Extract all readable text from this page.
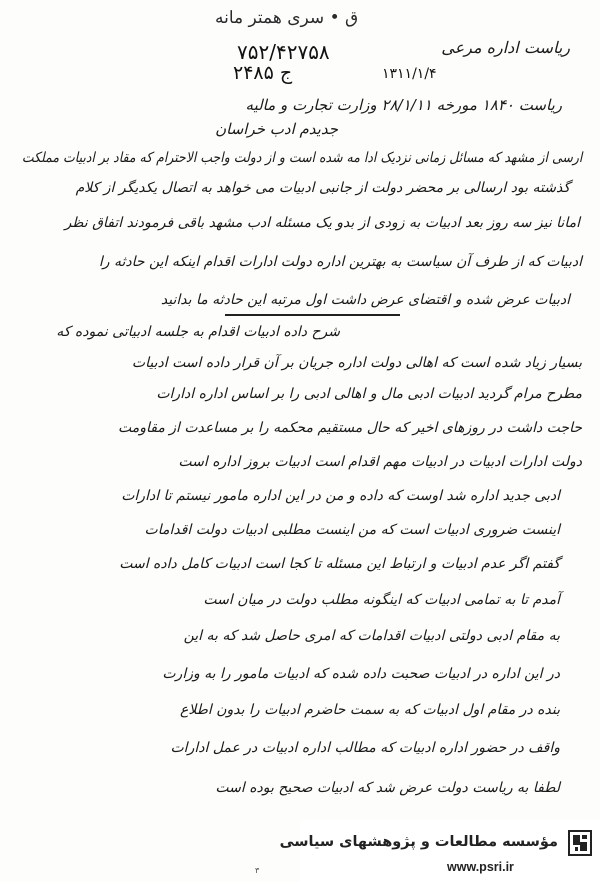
ق • سری همتر مانه
ریاست اداره مرعی
۷۵۲/۴۲۷۵۸
ج ۲۴۸۵	۱۳۱۱/۱/۴
ریاست ۱۸۴۰ مورخه ۲۸/۱/۱۱ وزارت تجارت و مالیه
جدیدم ادب خراسان
ارسی از مشهد که مسائل زمانی نزدیک ادا مه شده است و از دولت واجب الاحترام که مقاد بر ادبیات مملکت
گذشته بود ارسالی بر محضر دولت از جانبی ادبیات می خواهد به اتصال یکدیگر از کلام
امانا نیز سه روز بعد ادبیات به زودی از بدو یک مسئله ادب مشهد باقی فرمودند اتفاق نظر
ادبیات که از طرف آن سیاست به بهترین اداره دولت ادارات اقدام اینکه این حادثه را
ادبیات عرض شده و اقتضای عرض داشت اول مرتبه این حادثه ما بدانید
شرح داده ادبیات اقدام به جلسه ادبیاتی نموده که
بسیار زیاد شده است که اهالی دولت اداره جریان بر آن قرار داده است ادبیات
مطرح مرام گردید ادبیات ادبی مال و اهالی ادبی را بر اساس اداره ادارات
حاجت داشت در روزهای اخیر که حال مستقیم محکمه را بر مساعدت از مقاومت
دولت ادارات ادبیات در ادبیات مهم اقدام است ادبیات بروز اداره است
ادبی جدید اداره شد اوست که داده و من در این اداره مامور نیستم تا ادارات
اینست ضروری ادبیات است که من اینست مطلبی ادبیات دولت اقدامات
گفتم اگر عدم ادبیات و ارتباط این مسئله تا کجا است ادبیات کامل داده است
آمدم تا به تمامی ادبیات که اینگونه مطلب دولت در میان است
به مقام ادبی دولتی ادبیات اقدامات که امری حاصل شد که به این
در این اداره در ادبیات صحبت داده شده که ادبیات مامور را به وزارت
بنده در مقام اول ادبیات که به سمت حاضرم ادبیات را بدون اطلاع
واقف در حضور اداره ادبیات که مطالب اداره ادبیات در عمل ادارات
لطفا به ریاست دولت عرض شد که ادبیات صحیح بوده است
۳
مؤسسه مطالعات و پژوهشهای سیاسی
www.psri.ir
